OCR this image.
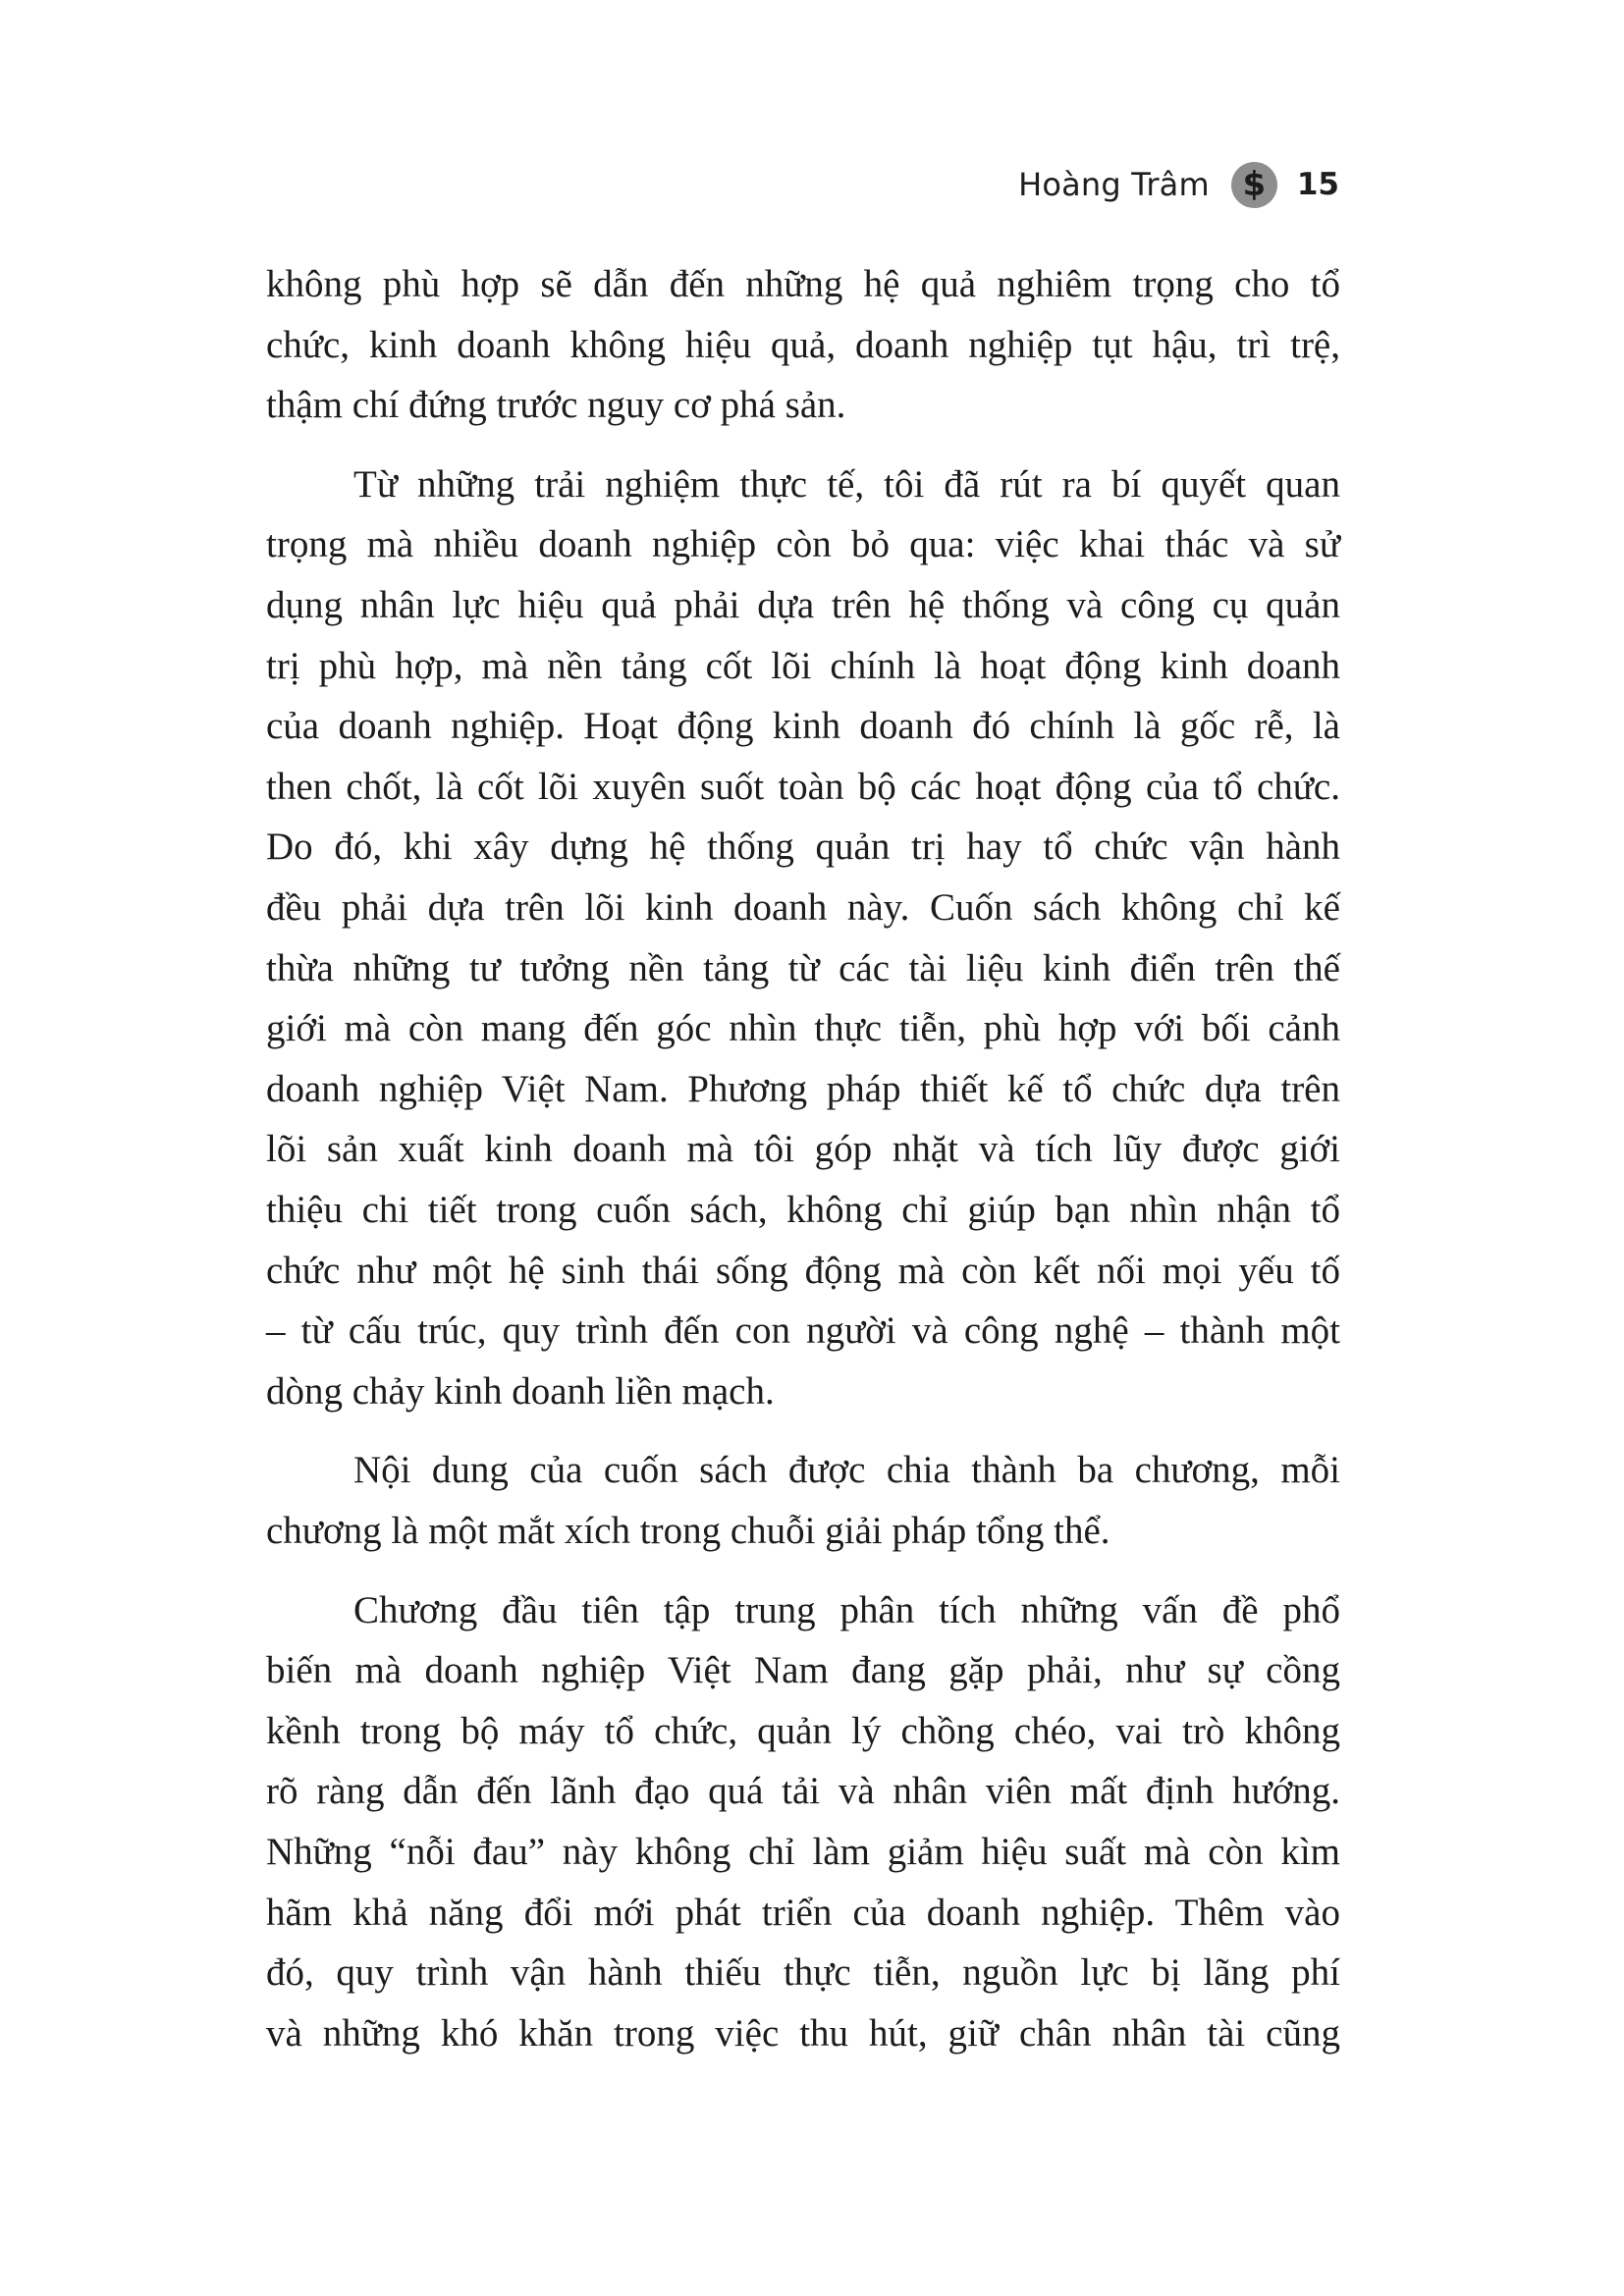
Hoàng Trâm $ 15
không phù hợp sẽ dẫn đến những hệ quả nghiêm trọng cho tổ
chức, kinh doanh không hiệu quả, doanh nghiệp tụt hậu, trì trệ,
thậm chí đứng trước nguy cơ phá sản.
Từ những trải nghiệm thực tế, tôi đã rút ra bí quyết quan
trọng mà nhiều doanh nghiệp còn bỏ qua: việc khai thác và sử
dụng nhân lực hiệu quả phải dựa trên hệ thống và công cụ quản
trị phù hợp, mà nền tảng cốt lõi chính là hoạt động kinh doanh
của doanh nghiệp. Hoạt động kinh doanh đó chính là gốc rễ, là
then chốt, là cốt lõi xuyên suốt toàn bộ các hoạt động của tổ chức.
Do đó, khi xây dựng hệ thống quản trị hay tổ chức vận hành
đều phải dựa trên lõi kinh doanh này. Cuốn sách không chỉ kế
thừa những tư tưởng nền tảng từ các tài liệu kinh điển trên thế
giới mà còn mang đến góc nhìn thực tiễn, phù hợp với bối cảnh
doanh nghiệp Việt Nam. Phương pháp thiết kế tổ chức dựa trên
lõi sản xuất kinh doanh mà tôi góp nhặt và tích lũy được giới
thiệu chi tiết trong cuốn sách, không chỉ giúp bạn nhìn nhận tổ
chức như một hệ sinh thái sống động mà còn kết nối mọi yếu tố
– từ cấu trúc, quy trình đến con người và công nghệ – thành một
dòng chảy kinh doanh liền mạch.
Nội dung của cuốn sách được chia thành ba chương, mỗi
chương là một mắt xích trong chuỗi giải pháp tổng thể.
Chương đầu tiên tập trung phân tích những vấn đề phổ
biến mà doanh nghiệp Việt Nam đang gặp phải, như sự cồng
kềnh trong bộ máy tổ chức, quản lý chồng chéo, vai trò không
rõ ràng dẫn đến lãnh đạo quá tải và nhân viên mất định hướng.
Những “nỗi đau” này không chỉ làm giảm hiệu suất mà còn kìm
hãm khả năng đổi mới phát triển của doanh nghiệp. Thêm vào
đó, quy trình vận hành thiếu thực tiễn, nguồn lực bị lãng phí
và những khó khăn trong việc thu hút, giữ chân nhân tài cũng
